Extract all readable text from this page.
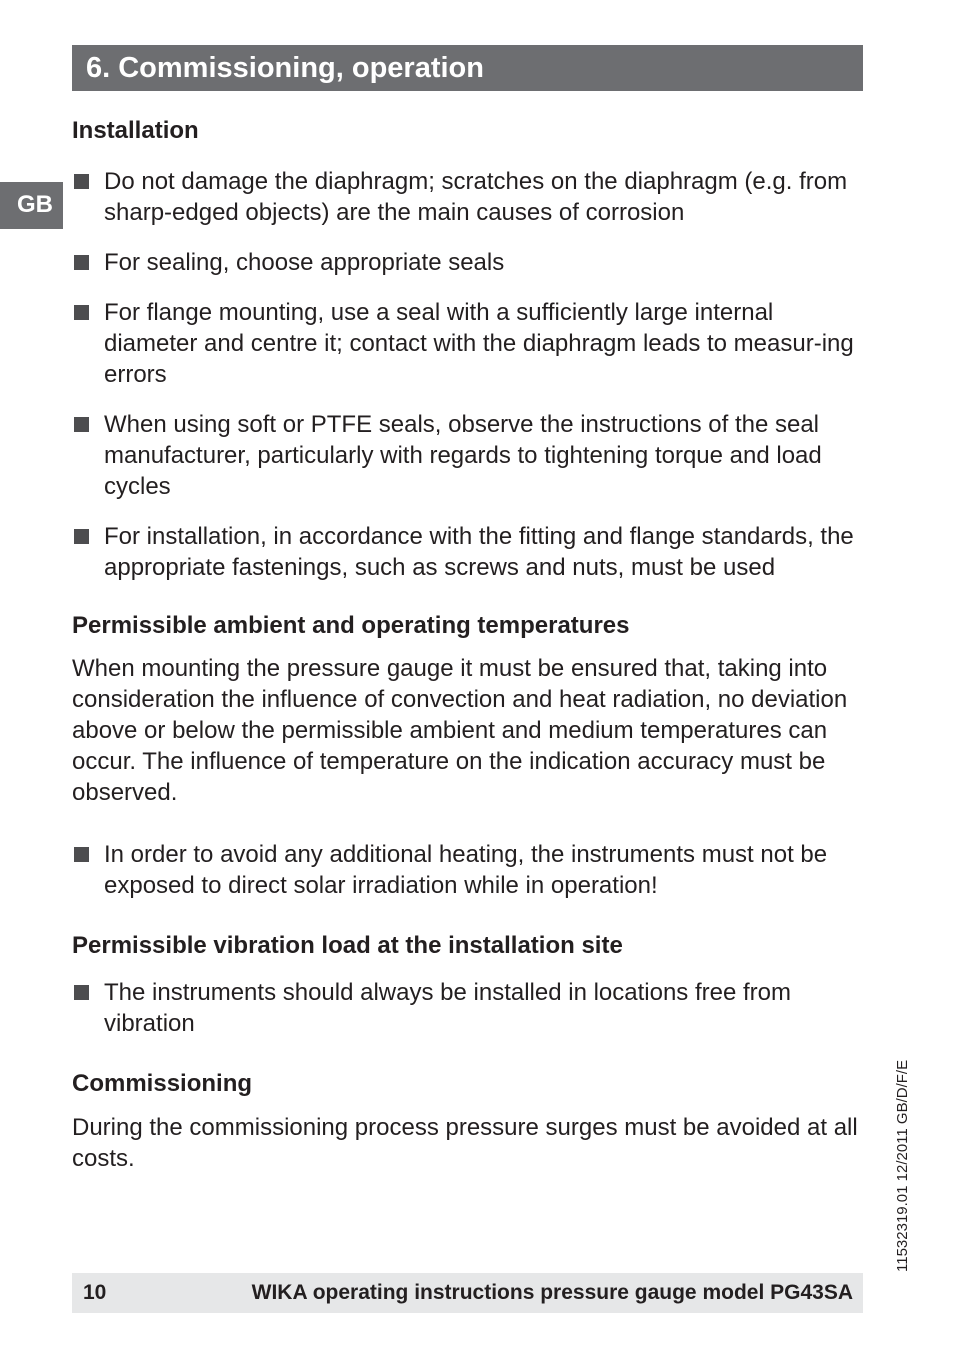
6. Commissioning, operation
GB
Installation
Do not damage the diaphragm; scratches on the diaphragm (e.g. from sharp-edged objects) are the main causes of corrosion
For sealing, choose appropriate seals
For flange mounting, use a seal with a sufficiently large internal diameter and centre it; contact with the diaphragm leads to measur-ing errors
When using soft or PTFE seals, observe the instructions of the seal manufacturer, particularly with regards to tightening torque and load cycles
For installation, in accordance with the fitting and flange standards, the appropriate fastenings, such as screws and nuts, must be used
Permissible ambient and operating temperatures

When mounting the pressure gauge it must be ensured that, taking into consideration the influence of convection and heat radiation, no deviation above or below the permissible ambient and medium temperatures can occur. The influence of temperature on the indication accuracy must be observed.

In order to avoid any additional heating, the instruments must not be exposed to direct solar irradiation while in operation!
Permissible vibration load at the installation site
The instruments should always be installed in locations free from vibration
Commissioning

During the commissioning process pressure surges must be avoided at all costs.	11532319.01 12/2011 GB/D/F/E
10	WIKA operating instructions pressure gauge model PG43SA
